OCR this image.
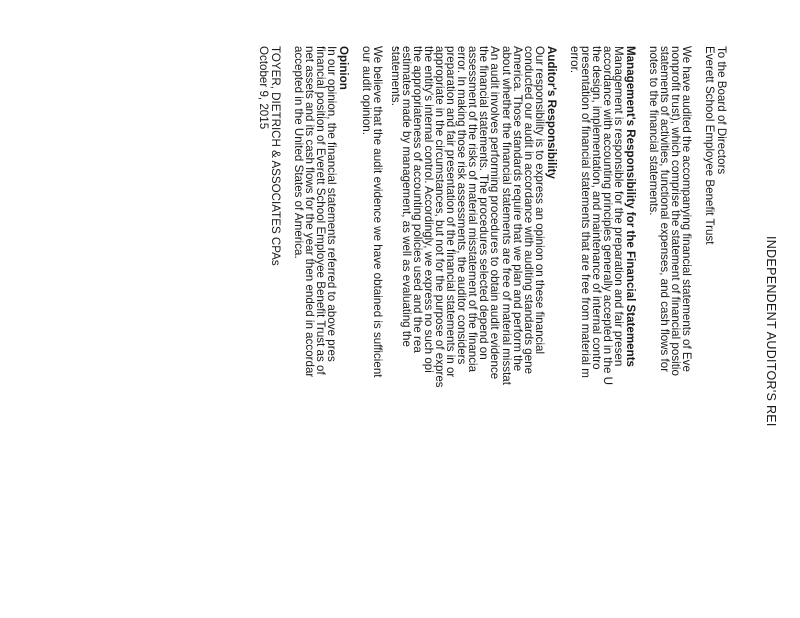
INDEPENDENT AUDITOR'S REI
To the Board of Directors
Everett School Employee Benefit Trust
We have audited the accompanying financial statements of Eve
nonprofit trust), which comprise the statement of financial positio
statements of activities, functional expenses, and cash flows for
notes to the financial statements.
Management's Responsibility for the Financial Statements
Management is responsible for the preparation and fair presen
accordance with accounting principles generally accepted in the U
the design, implementation, and maintenance of internal contro
presentation of financial statements that are free from material m
error.
Auditor's Responsibility
Our responsibility is to express an opinion on these financial
conducted our audit in accordance with auditing standards gene
America. Those standards require that we plan and perform the
about whether the financial statements are free of material misstat
An audit involves performing procedures to obtain audit evidence
the financial statements. The procedures selected depend on
assessment of the risks of material misstatement of the financia
error. In making those risk assessments, the auditor considers
preparation and fair presentation of the financial statements in or
appropriate in the circumstances, but not for the purpose of expres
the entity's internal control. Accordingly, we express no such opi
the appropriateness of accounting policies used and the rea
estimates made by management, as well as evaluating the
statements.
We believe that the audit evidence we have obtained is sufficient
our audit opinion.
Opinion
In our opinion, the financial statements referred to above pres
financial position of Everett School Employee Benefit Trust as of
net assets and its cash flows for the year then ended in accordar
accepted in the United States of America.
TOYER, DIETRICH & ASSOCIATES CPAs
October 9, 2015
